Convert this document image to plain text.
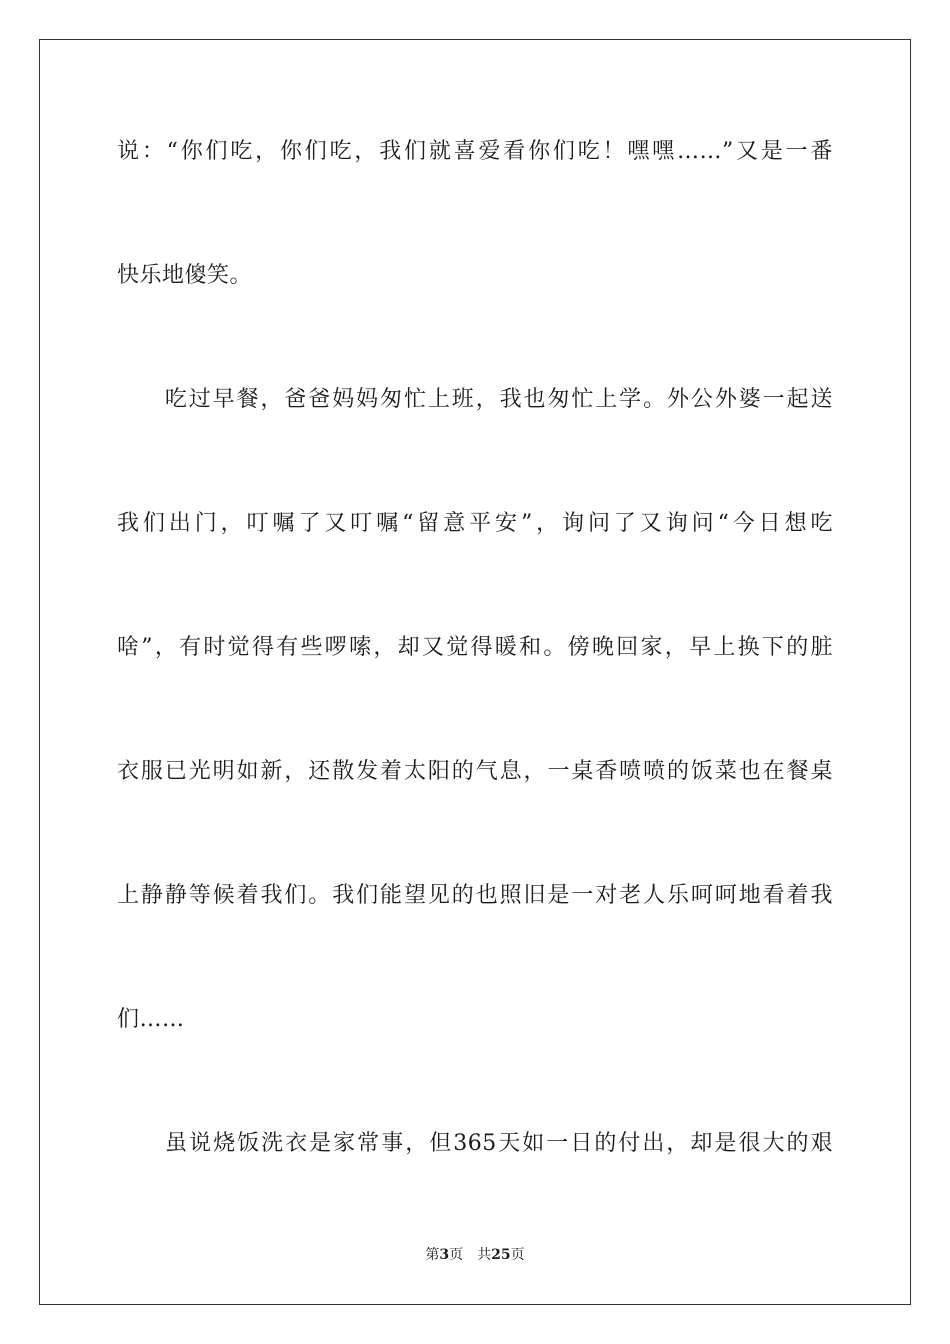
说：“你们吃，你们吃，我们就喜爱看你们吃！嘿嘿……”又是一番
快乐地傻笑。
　　吃过早餐，爸爸妈妈匆忙上班，我也匆忙上学。外公外婆一起送
我们出门，叮嘱了又叮嘱“留意平安”，询问了又询问“今日想吃
啥”，有时觉得有些啰嗦，却又觉得暖和。傍晚回家，早上换下的脏
衣服已光明如新，还散发着太阳的气息，一桌香喷喷的饭菜也在餐桌
上静静等候着我们。我们能望见的也照旧是一对老人乐呵呵地看着我
们……
　　虽说烧饭洗衣是家常事，但365天如一日的付出，却是很大的艰
第3页 共25页
